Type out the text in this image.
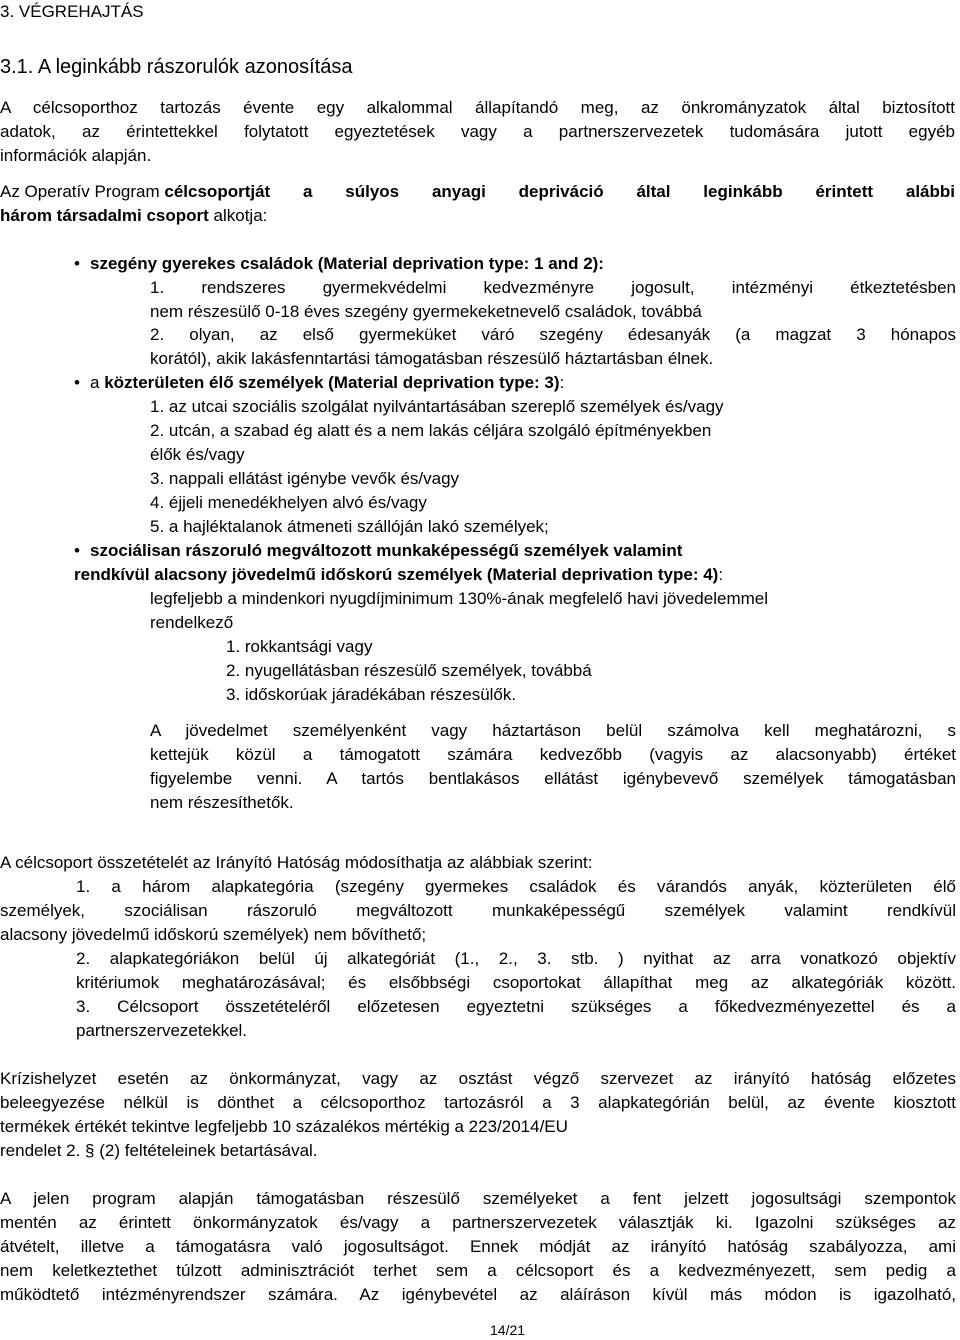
3. VÉGREHAJTÁS
3.1. A leginkább rászorulók azonosítása
A célcsoporthoz tartozás évente egy alkalommal állapítandó meg, az önkrományzatok által biztosított
adatok, az érintettekkel folytatott egyeztetések vagy a partnerszervezetek tudomására jutott egyéb
információk alapján.
Az Operatív Program célcsoportját a súlyos anyagi depriváció által leginkább érintett alábbi
három társadalmi csoport alkotja:
• szegény gyerekes családok (Material deprivation type: 1 and 2):
1. rendszeres gyermekvédelmi kedvezményre jogosult, intézményi étkeztetésben
nem részesülő 0-18 éves szegény gyermekeketnevelő családok, továbbá
2. olyan, az első gyermeküket váró szegény édesanyák (a magzat 3 hónapos
korától), akik lakásfenntartási támogatásban részesülő háztartásban élnek.
• a közterületen élő személyek (Material deprivation type: 3):
1. az utcai szociális szolgálat nyilvántartásában szereplő személyek és/vagy
2. utcán, a szabad ég alatt és a nem lakás céljára szolgáló építményekben
élők és/vagy
3. nappali ellátást igénybe vevők és/vagy
4. éjjeli menedékhelyen alvó és/vagy
5. a hajléktalanok átmeneti szállóján lakó személyek;
• szociálisan rászoruló megváltozott munkaképességű személyek valamint
rendkívül alacsony jövedelmű időskorú személyek (Material deprivation type: 4):
legfeljebb a mindenkori nyugdíjminimum 130%-ának megfelelő havi jövedelemmel
rendelkező
1. rokkantsági vagy
2. nyugellátásban részesülő személyek, továbbá
3. időskorúak járadékában részesülők.
A jövedelmet személyenként vagy háztartáson belül számolva kell meghatározni, s
kettejük közül a támogatott számára kedvezőbb (vagyis az alacsonyabb) értéket
figyelembe venni. A tartós bentlakásos ellátást igénybevevő személyek támogatásban
nem részesíthetők.
A célcsoport összetételét az Irányító Hatóság módosíthatja az alábbiak szerint:
1. a három alapkategória (szegény gyermekes családok és várandós anyák, közterületen élő
személyek, szociálisan rászoruló megváltozott munkaképességű személyek valamint rendkívül
alacsony jövedelmű időskorú személyek) nem bővíthető;
2. alapkategóriákon belül új alkategóriát (1., 2., 3. stb. ) nyithat az arra vonatkozó objektív
kritériumok meghatározásával; és elsőbbségi csoportokat állapíthat meg az alkategóriák között.
3. Célcsoport összetételéről előzetesen egyeztetni szükséges a főkedvezményezettel és a
partnerszervezetekkel.
Krízishelyzet esetén az önkormányzat, vagy az osztást végző szervezet az irányító hatóság előzetes
beleegyezése nélkül is dönthet a célcsoporthoz tartozásról a 3 alapkategórián belül, az évente kiosztott
termékek értékét tekintve legfeljebb 10 százalékos mértékig a 223/2014/EU
rendelet 2. § (2) feltételeinek betartásával.
A jelen program alapján támogatásban részesülő személyeket a fent jelzett jogosultsági szempontok
mentén az érintett önkormányzatok és/vagy a partnerszervezetek választják ki. Igazolni szükséges az
átvételt, illetve a támogatásra való jogosultságot. Ennek módját az irányító hatóság szabályozza, ami
nem keletkeztethet túlzott adminisztrációt terhet sem a célcsoport és a kedvezményezett, sem pedig a
működtető intézményrendszer számára. Az igénybevétel az aláíráson kívül más módon is igazolható,
14/21
